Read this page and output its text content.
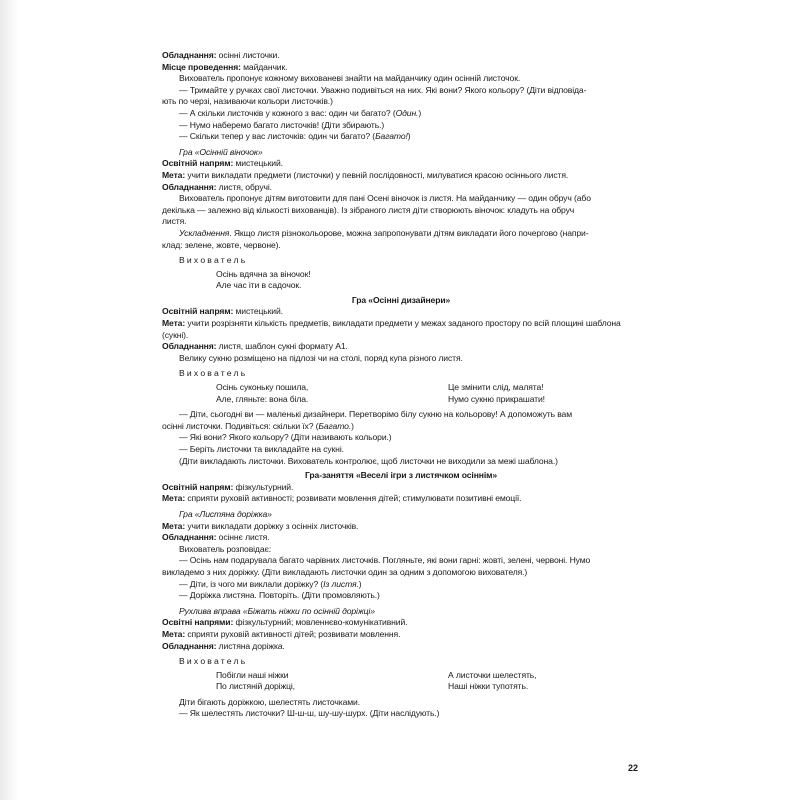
Обладнання: осінні листочки.

Місце проведення: майданчик.

Вихователь пропонує кожному вихованеві знайти на майданчику один осінній листочок.

— Тримайте у ручках свої листочки. Уважно подивіться на них. Які вони? Якого кольору? (Діти відповіда-

ють по черзі, називаючи кольори листочків.)

— А скільки листочків у кожного з вас: один чи багато? (Один.)

— Нумо наберемо багато листочків! (Діти збирають.)

— Скільки тепер у вас листочків: один чи багато? (Багато!)

Гра «Осінній віночок»

Освітній напрям: мистецький.

Мета: учити викладати предмети (листочки) у певній послідовності, милуватися красою осіннього листя.

Обладнання: листя, обручі.

Вихователь пропонує дітям виготовити для пані Осені віночок із листя. На майданчику — один обруч (або

декілька — залежно від кількості вихованців). Із зібраного листя діти створюють віночок: кладуть на обруч

листя.

Ускладнення. Якщо листя різнокольорове, можна запропонувати дітям викладати його почергово (напри-

клад: зелене, жовте, червоне).

Вихователь

Осінь вдячна за віночок!

Але час іти в садочок.

Гра «Осінні дизайнери»

Освітній напрям: мистецький.

Мета: учити розрізняти кількість предметів, викладати предмети у межах заданого простору по всій площині шаблона

(сукні).

Обладнання: листя, шаблон сукні формату А1.

Велику сукню розміщено на підлозі чи на столі, поряд купа різного листя.

Вихователь

Осінь суконьку пошила,

Але, гляньте: вона біла.

Це змінити слід, малята!

Нумо сукню прикрашати!

— Діти, сьогодні ви — маленькі дизайнери. Перетворімо білу сукню на кольорову! А допоможуть вам

осінні листочки. Подивіться: скільки їх? (Багато.)

— Які вони? Якого кольору? (Діти називають кольори.)

— Беріть листочки та викладайте на сукні.

(Діти викладають листочки. Вихователь контролює, щоб листочки не виходили за межі шаблона.)

Гра-заняття «Веселі ігри з листячком осіннім»

Освітній напрям: фізкультурний.

Мета: сприяти руховій активності; розвивати мовлення дітей; стимулювати позитивні емоції.

Гра «Листяна доріжка»

Мета: учити викладати доріжку з осінніх листочків.

Обладнання: осіннє листя.

Вихователь розповідає:

— Осінь нам подарувала багато чарівних листочків. Погляньте, які вони гарні: жовті, зелені, червоні. Нумо

викладемо з них доріжку. (Діти викладають листочки один за одним з допомогою вихователя.)

— Діти, із чого ми виклали доріжку? (Із листя.)

— Доріжка листяна. Повторіть. (Діти промовляють.)

Рухлива вправа «Біжать ніжки по осінній доріжці»

Освітні напрями: фізкультурний; мовленнєво-комунікативний.

Мета: сприяти руховій активності дітей; розвивати мовлення.

Обладнання: листяна доріжка.

Вихователь

Побігли наші ніжки

По листяній доріжці,

А листочки шелестять,

Наші ніжки тупотять.

Діти бігають доріжкою, шелестять листочками.

— Як шелестять листочки? Ш-ш-ш, шу-шу-шурх. (Діти наслідують.)

22
